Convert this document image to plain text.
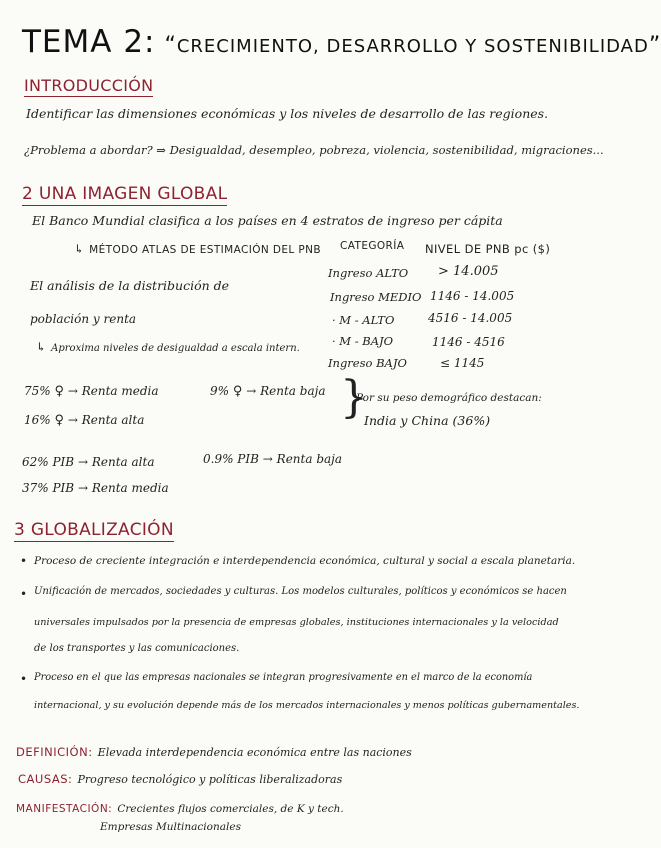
TEMA 2: “CRECIMIENTO, DESARROLLO Y SOSTENIBILIDAD”
INTRODUCCIÓN
Identificar las dimensiones económicas y los niveles de desarrollo de las regiones.
¿Problema a abordar? ⇒ Desigualdad, desempleo, pobreza, violencia, sostenibilidad, migraciones...
2 UNA IMAGEN GLOBAL
El Banco Mundial clasifica a los países en 4 estratos de ingreso per cápita
↳ MÉTODO ATLAS DE ESTIMACIÓN DEL PNB CATEGORÍA NIVEL DE PNB pc ($)
Ingreso ALTO > 14.005
Ingreso MEDIO 1146 - 14.005
· M - ALTO	4516 - 14.005
· M - BAJO	1146 - 4516
Ingreso BAJO	≤ 1145
El análisis de la distribución de
población y renta
↳ Aproxima niveles de desigualdad a escala intern.
75% ♀ → Renta media
16% ♀ → Renta alta
9% ♀ → Renta baja }
Por su peso demográfico destacan:
India y China (36%)
62% PIB → Renta alta
37% PIB → Renta media
0.9% PIB → Renta baja
3 GLOBALIZACIÓN
• Proceso de creciente integración e interdependencia económica, cultural y social a escala planetaria.
• Unificación de mercados, sociedades y culturas. Los modelos culturales, políticos y económicos se hacen
universales impulsados por la presencia de empresas globales, instituciones internacionales y la velocidad
de los transportes y las comunicaciones.
• Proceso en el que las empresas nacionales se integran progresivamente en el marco de la economía
internacional, y su evolución depende más de los mercados internacionales y menos políticas gubernamentales.
DEFINICIÓN: Elevada interdependencia económica entre las naciones
CAUSAS: Progreso tecnológico y políticas liberalizadoras
MANIFESTACIÓN: Crecientes flujos comerciales, de K y tech.
Empresas Multinacionales
